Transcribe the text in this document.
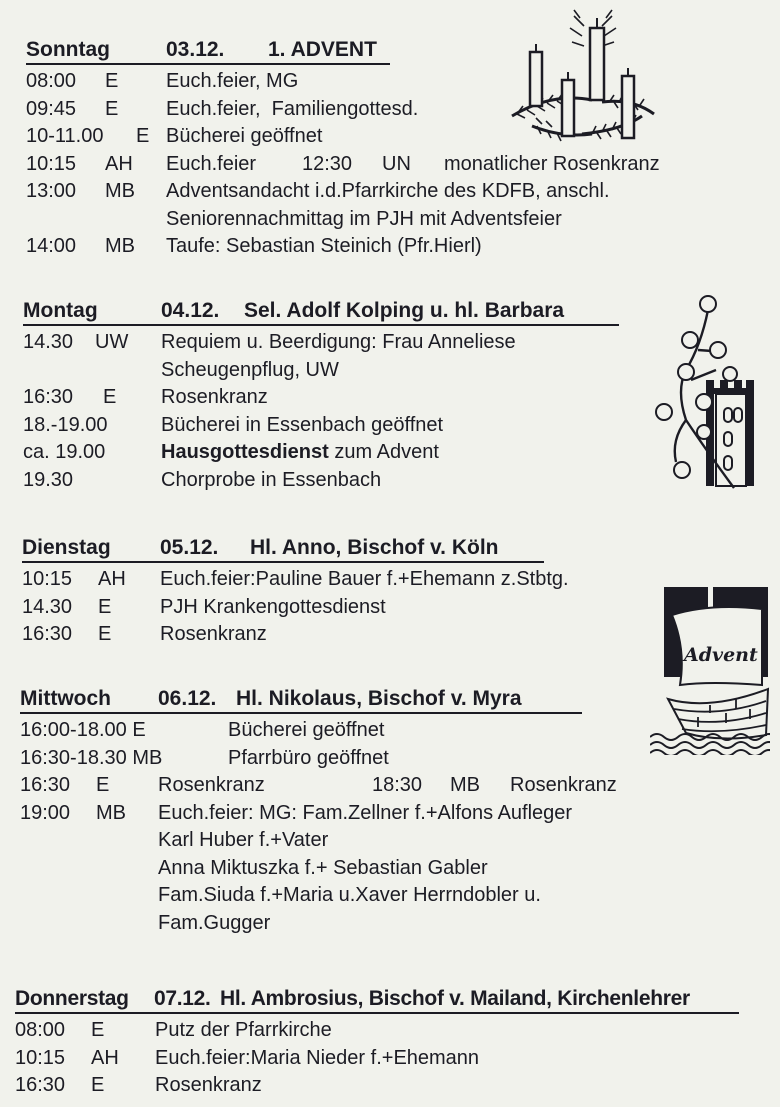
Sonntag	03.12. 1. ADVENT
08:00 E Euch.feier, MG
09:45 E Euch.feier,  Familiengottesd.
10-11.00 E Bücherei geöffnet
10:15 AH Euch.feier 12:30 UN monatlicher Rosenkranz
13:00 MB Adventsandacht i.d.Pfarrkirche des KDFB, anschl.
Seniorennachmittag im PJH mit Adventsfeier
14:00 MB Taufe: Sebastian Steinich (Pfr.Hierl)
Montag	04.12. Sel. Adolf Kolping u. hl. Barbara
14.30 UW Requiem u. Beerdigung: Frau Anneliese
Scheugenpflug, UW
16:30 E Rosenkranz
18.-19.00	Bücherei in Essenbach geöffnet
ca. 19.00	Hausgottesdienst zum Advent
19.30	Chorprobe in Essenbach
Dienstag 05.12. Hl. Anno, Bischof v. Köln
10:15 AH Euch.feier:Pauline Bauer f.+Ehemann z.Stbtg.
14.30 E PJH Krankengottesdienst
16:30 E Rosenkranz
Mittwoch 06.12. Hl. Nikolaus, Bischof v. Myra
16:00-18.00 E	Bücherei geöffnet
16:30-18.30 MB	Pfarrbüro geöffnet
16:30 E Rosenkranz	18:30 MB Rosenkranz
19:00 MB Euch.feier: MG: Fam.Zellner f.+Alfons Aufleger
Karl Huber f.+Vater
Anna Miktuszka f.+ Sebastian Gabler
Fam.Siuda f.+Maria u.Xaver Herrndobler u.
Fam.Gugger
Donnerstag 07.12. Hl. Ambrosius, Bischof v. Mailand, Kirchenlehrer
08:00 E	Putz der Pfarrkirche
10:15 AH Euch.feier:Maria Nieder f.+Ehemann
16:30 E	Rosenkranz
Advent
